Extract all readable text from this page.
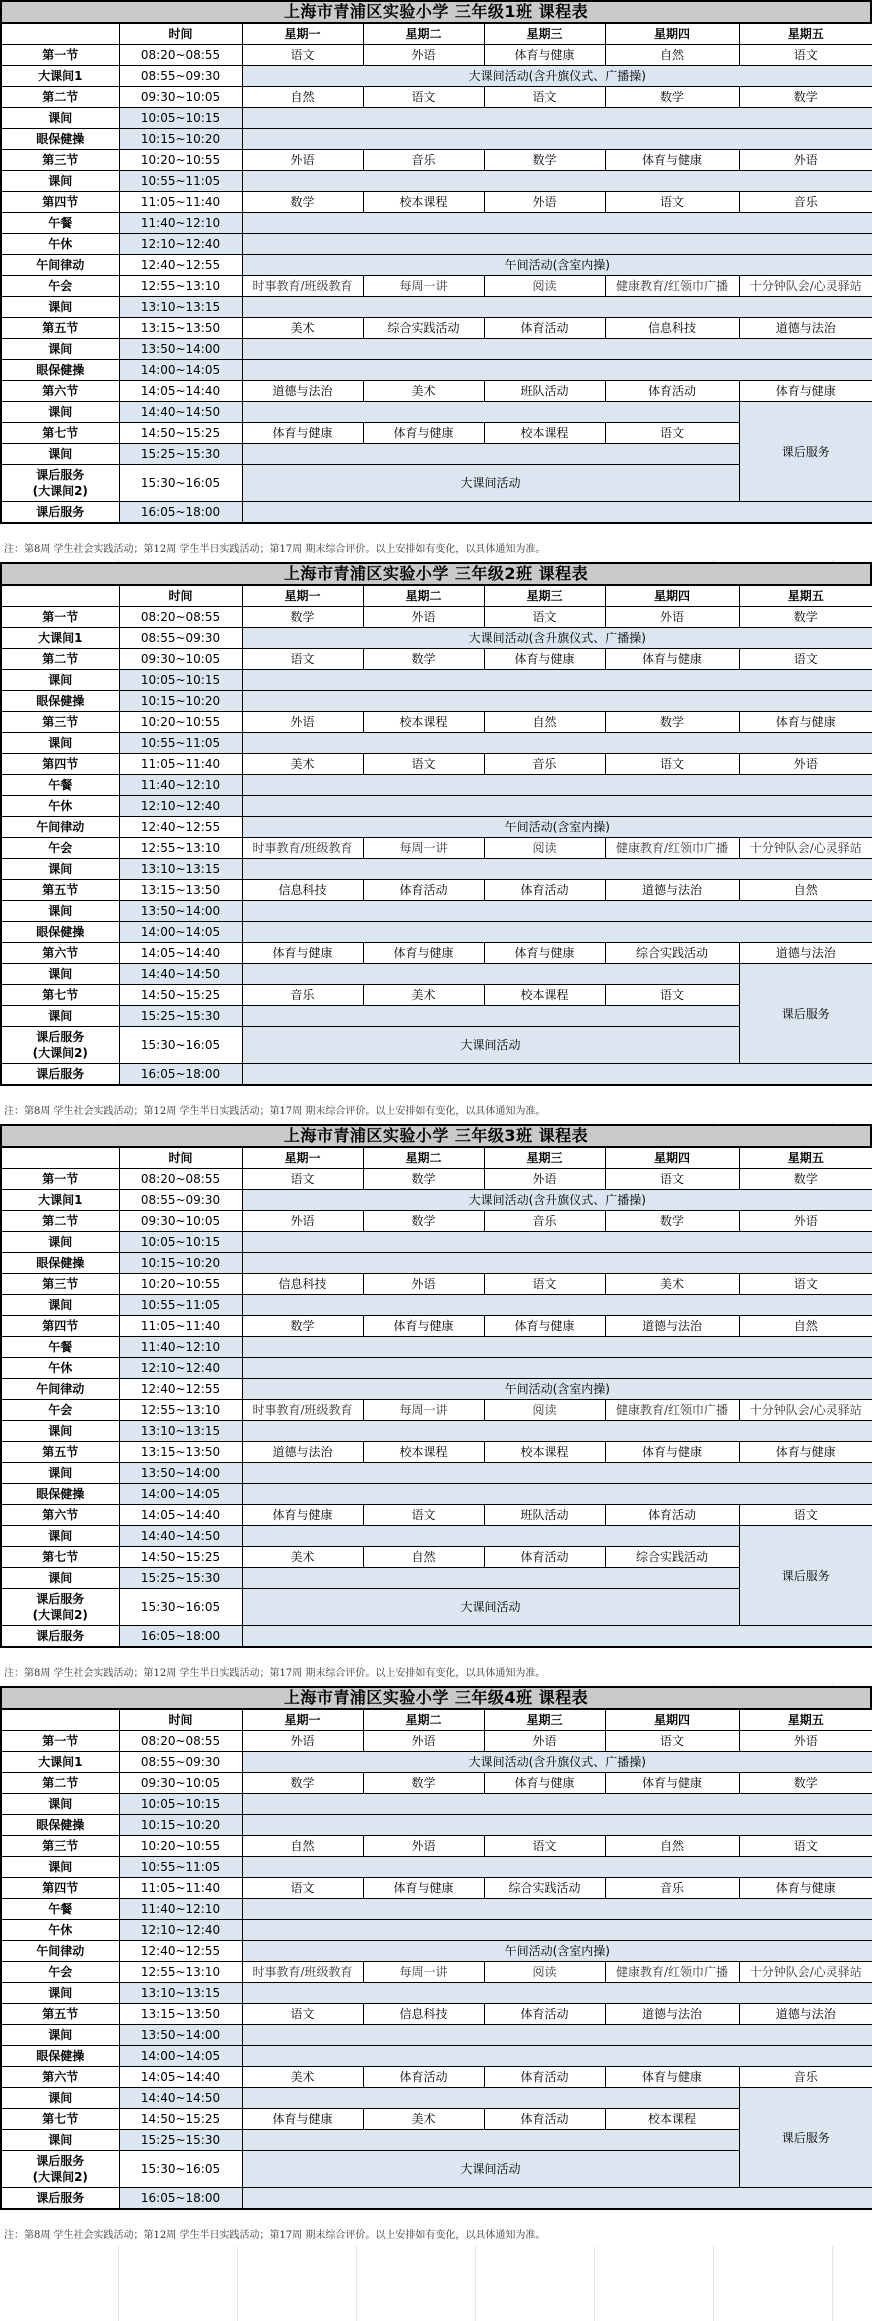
上海市青浦区实验小学 三年级1班 课程表
	时间	星期一	星期二	星期三	星期四	星期五
第一节	08:20~08:55	语文	外语	体育与健康	自然	语文
大课间1	08:55~09:30	大课间活动(含升旗仪式、广播操)				
第二节	09:30~10:05	自然	语文	语文	数学	数学
课间	10:05~10:15					
眼保健操	10:15~10:20					
第三节	10:20~10:55	外语	音乐	数学	体育与健康	外语
课间	10:55~11:05					
第四节	11:05~11:40	数学	校本课程	外语	语文	音乐
午餐	11:40~12:10					
午休	12:10~12:40					
午间律动	12:40~12:55	午间活动(含室内操)				
午会	12:55~13:10	时事教育/班级教育	每周一讲	阅读	健康教育/红领巾广播	十分钟队会/心灵驿站
课间	13:10~13:15					
第五节	13:15~13:50	美术	综合实践活动	体育活动	信息科技	道德与法治
课间	13:50~14:00					
眼保健操	14:00~14:05					
第六节	14:05~14:40	道德与法治	美术	班队活动	体育活动	体育与健康
课间	14:40~14:50					课后服务
第七节	14:50~15:25	体育与健康	体育与健康	校本课程	语文	
课间	15:25~15:30					
课后服务
(大课间2)	15:30~16:05	大课间活动				
课后服务	16:05~18:00					
注：第8周 学生社会实践活动；第12周 学生半日实践活动；第17周 期末综合评价。以上安排如有变化，以具体通知为准。
上海市青浦区实验小学 三年级2班 课程表
	时间	星期一	星期二	星期三	星期四	星期五
第一节	08:20~08:55	数学	外语	语文	外语	数学
大课间1	08:55~09:30	大课间活动(含升旗仪式、广播操)				
第二节	09:30~10:05	语文	数学	体育与健康	体育与健康	语文
课间	10:05~10:15					
眼保健操	10:15~10:20					
第三节	10:20~10:55	外语	校本课程	自然	数学	体育与健康
课间	10:55~11:05					
第四节	11:05~11:40	美术	语文	音乐	语文	外语
午餐	11:40~12:10					
午休	12:10~12:40					
午间律动	12:40~12:55	午间活动(含室内操)				
午会	12:55~13:10	时事教育/班级教育	每周一讲	阅读	健康教育/红领巾广播	十分钟队会/心灵驿站
课间	13:10~13:15					
第五节	13:15~13:50	信息科技	体育活动	体育活动	道德与法治	自然
课间	13:50~14:00					
眼保健操	14:00~14:05					
第六节	14:05~14:40	体育与健康	体育与健康	体育与健康	综合实践活动	道德与法治
课间	14:40~14:50					课后服务
第七节	14:50~15:25	音乐	美术	校本课程	语文	
课间	15:25~15:30					
课后服务
(大课间2)	15:30~16:05	大课间活动				
课后服务	16:05~18:00					
注：第8周 学生社会实践活动；第12周 学生半日实践活动；第17周 期末综合评价。以上安排如有变化，以具体通知为准。
上海市青浦区实验小学 三年级3班 课程表
	时间	星期一	星期二	星期三	星期四	星期五
第一节	08:20~08:55	语文	数学	外语	语文	数学
大课间1	08:55~09:30	大课间活动(含升旗仪式、广播操)				
第二节	09:30~10:05	外语	数学	音乐	数学	外语
课间	10:05~10:15					
眼保健操	10:15~10:20					
第三节	10:20~10:55	信息科技	外语	语文	美术	语文
课间	10:55~11:05					
第四节	11:05~11:40	数学	体育与健康	体育与健康	道德与法治	自然
午餐	11:40~12:10					
午休	12:10~12:40					
午间律动	12:40~12:55	午间活动(含室内操)				
午会	12:55~13:10	时事教育/班级教育	每周一讲	阅读	健康教育/红领巾广播	十分钟队会/心灵驿站
课间	13:10~13:15					
第五节	13:15~13:50	道德与法治	校本课程	校本课程	体育与健康	体育与健康
课间	13:50~14:00					
眼保健操	14:00~14:05					
第六节	14:05~14:40	体育与健康	语文	班队活动	体育活动	语文
课间	14:40~14:50					课后服务
第七节	14:50~15:25	美术	自然	体育活动	综合实践活动	
课间	15:25~15:30					
课后服务
(大课间2)	15:30~16:05	大课间活动				
课后服务	16:05~18:00					
注：第8周 学生社会实践活动；第12周 学生半日实践活动；第17周 期末综合评价。以上安排如有变化，以具体通知为准。
上海市青浦区实验小学 三年级4班 课程表
	时间	星期一	星期二	星期三	星期四	星期五
第一节	08:20~08:55	外语	外语	外语	语文	外语
大课间1	08:55~09:30	大课间活动(含升旗仪式、广播操)				
第二节	09:30~10:05	数学	数学	体育与健康	体育与健康	数学
课间	10:05~10:15					
眼保健操	10:15~10:20					
第三节	10:20~10:55	自然	外语	语文	自然	语文
课间	10:55~11:05					
第四节	11:05~11:40	语文	体育与健康	综合实践活动	音乐	体育与健康
午餐	11:40~12:10					
午休	12:10~12:40					
午间律动	12:40~12:55	午间活动(含室内操)				
午会	12:55~13:10	时事教育/班级教育	每周一讲	阅读	健康教育/红领巾广播	十分钟队会/心灵驿站
课间	13:10~13:15					
第五节	13:15~13:50	语文	信息科技	体育活动	道德与法治	道德与法治
课间	13:50~14:00					
眼保健操	14:00~14:05					
第六节	14:05~14:40	美术	体育活动	体育活动	体育与健康	音乐
课间	14:40~14:50					课后服务
第七节	14:50~15:25	体育与健康	美术	体育活动	校本课程	
课间	15:25~15:30					
课后服务
(大课间2)	15:30~16:05	大课间活动				
课后服务	16:05~18:00					
注：第8周 学生社会实践活动；第12周 学生半日实践活动；第17周 期末综合评价。以上安排如有变化，以具体通知为准。
